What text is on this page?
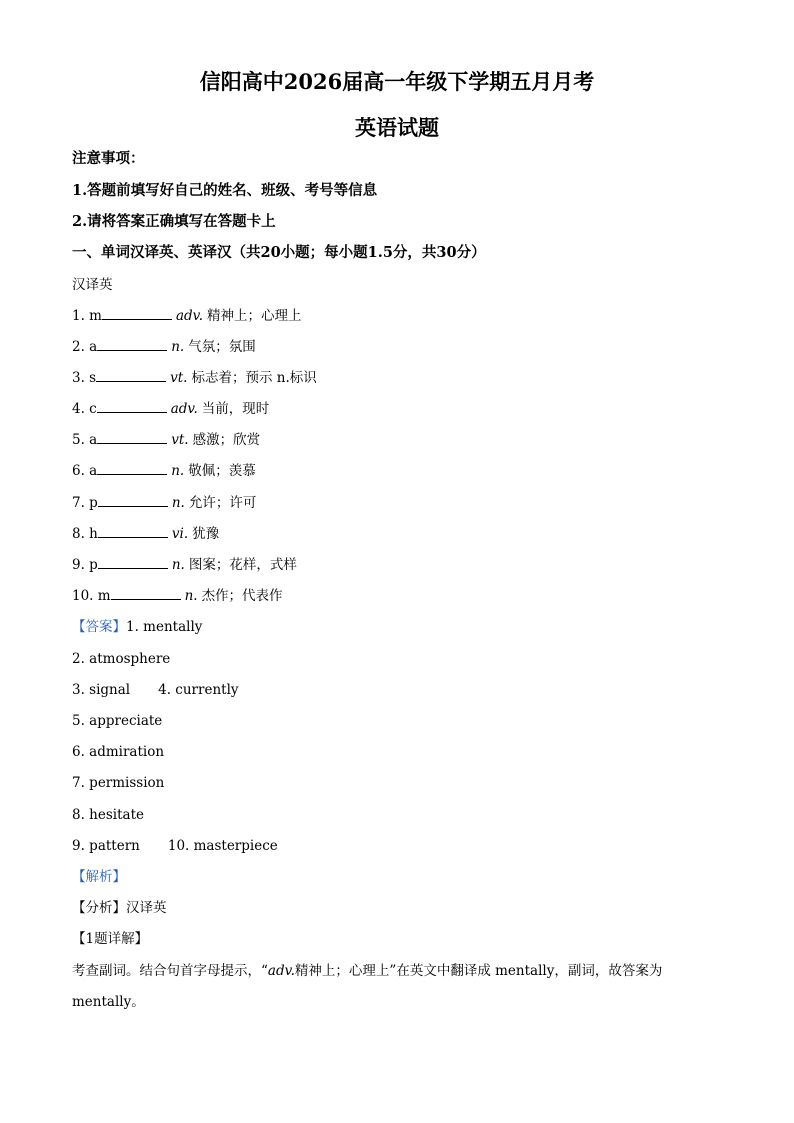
信阳高中2026届高一年级下学期五月月考
英语试题
注意事项：
1.答题前填写好自己的姓名、班级、考号等信息
2.请将答案正确填写在答题卡上
一、单词汉译英、英译汉（共20小题；每小题1.5分，共30分）
汉译英
1. m	adv. 精神上；心理上
2. a	n. 气氛；氛围
3. s	vt. 标志着；预示 n.标识
4. c	adv. 当前，现时
5. a	vt. 感激；欣赏
6. a	n. 敬佩；羡慕
7. p	n. 允许；许可
8. h	vi. 犹豫
9. p	n. 图案；花样，式样
10. m	n. 杰作；代表作
【答案】1. mentally
2. atmosphere
3. signal 4. currently
5. appreciate
6. admiration
7. permission
8. hesitate
9. pattern 10. masterpiece
【解析】
【分析】汉译英
【1题详解】
考查副词。结合句首字母提示，“adv.精神上；心理上”在英文中翻译成 mentally，副词，故答案为
mentally。
